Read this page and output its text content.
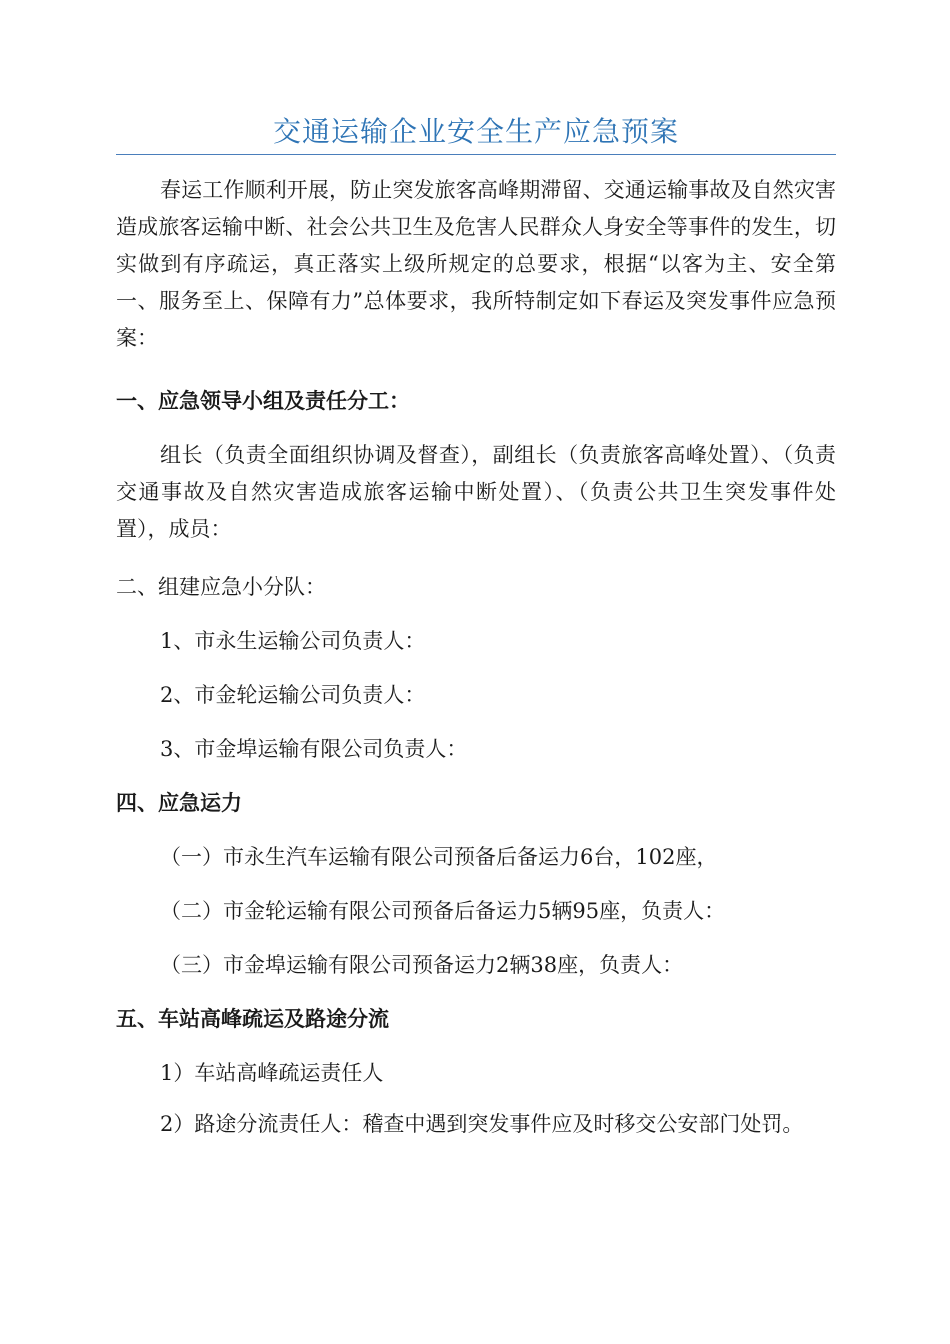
交通运输企业安全生产应急预案

春运工作顺利开展，防止突发旅客高峰期滞留、交通运输事故及自然灾害造成旅客运输中断、社会公共卫生及危害人民群众人身安全等事件的发生，切实做到有序疏运，真正落实上级所规定的总要求，根据“以客为主、安全第一、服务至上、保障有力”总体要求，我所特制定如下春运及突发事件应急预案：

一、应急领导小组及责任分工：

组长（负责全面组织协调及督查），副组长（负责旅客高峰处置）、（负责交通事故及自然灾害造成旅客运输中断处置）、（负责公共卫生突发事件处置），成员：

二、组建应急小分队：

1、市永生运输公司负责人：

2、市金轮运输公司负责人：

3、市金埠运输有限公司负责人：

四、应急运力

（一）市永生汽车运输有限公司预备后备运力6台，102座，

（二）市金轮运输有限公司预备后备运力5辆95座，负责人：

（三）市金埠运输有限公司预备运力2辆38座，负责人：

五、车站高峰疏运及路途分流

1）车站高峰疏运责任人

2）路途分流责任人：稽查中遇到突发事件应及时移交公安部门处罚。
